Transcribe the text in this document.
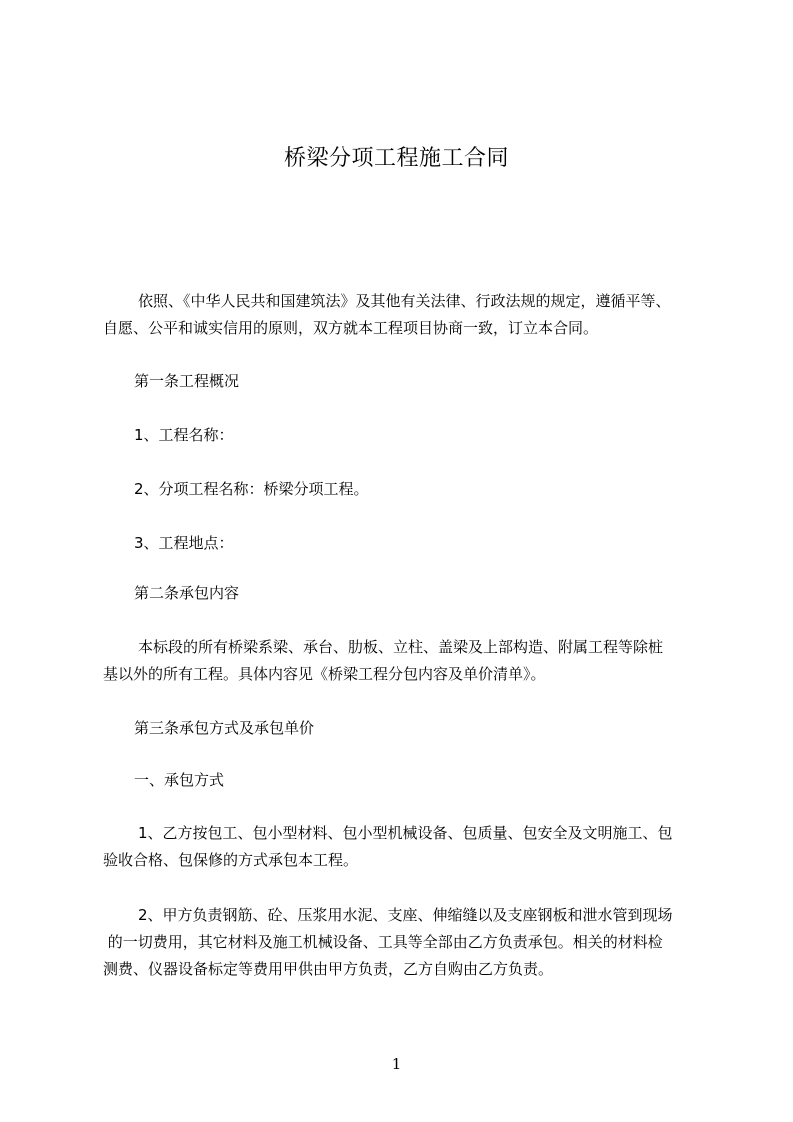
桥梁分项工程施工合同
依照、《中华人民共和国建筑法》及其他有关法律、行政法规的规定，遵循平等、
自愿、公平和诚实信用的原则，双方就本工程项目协商一致，订立本合同。
第一条工程概况
1、工程名称：
2、分项工程名称：桥梁分项工程。
3、工程地点：
第二条承包内容
本标段的所有桥梁系梁、承台、肋板、立柱、盖梁及上部构造、附属工程等除桩
基以外的所有工程。具体内容见《桥梁工程分包内容及单价清单》。
第三条承包方式及承包单价
一、承包方式
1、乙方按包工、包小型材料、包小型机械设备、包质量、包安全及文明施工、包
验收合格、包保修的方式承包本工程。
2、甲方负责钢筋、砼、压浆用水泥、支座、伸缩缝以及支座钢板和泄水管到现场
的一切费用，其它材料及施工机械设备、工具等全部由乙方负责承包。相关的材料检
测费、仪器设备标定等费用甲供由甲方负责，乙方自购由乙方负责。
1
